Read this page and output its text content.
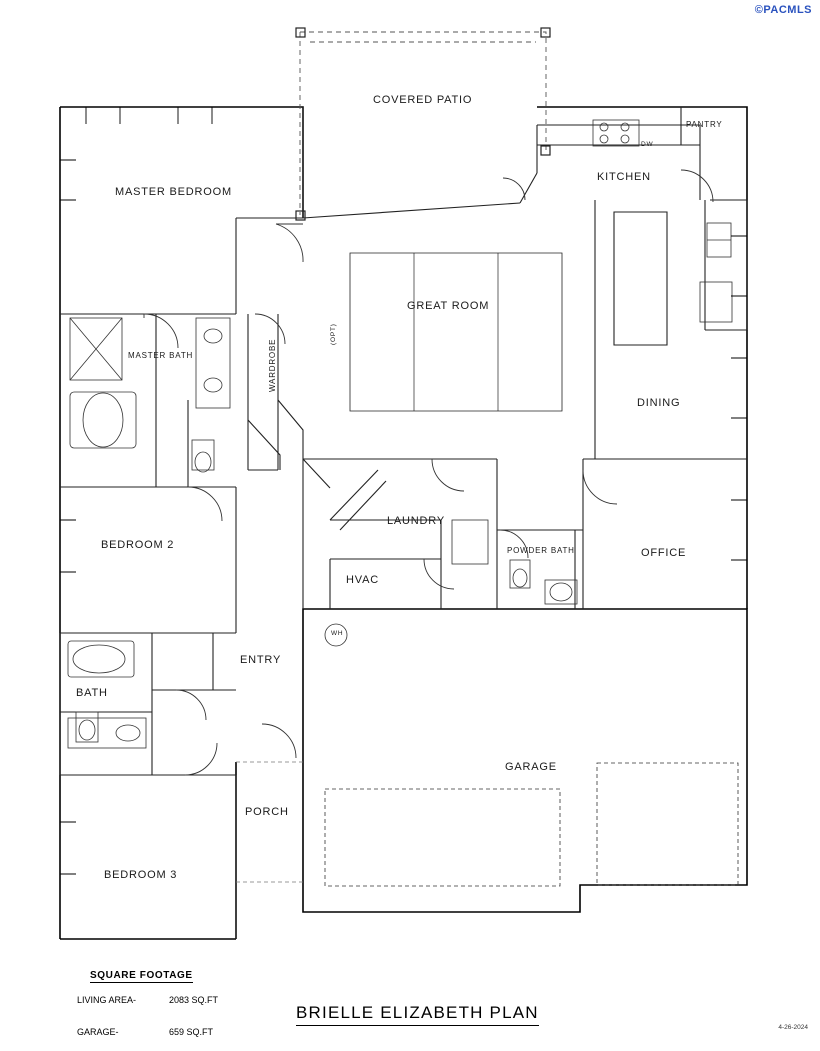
©PACMLS
COVERED PATIO
MASTER BEDROOM
KITCHEN
PANTRY
GREAT ROOM
DINING
MASTER BATH	WARDROBE
(OPT)
BEDROOM 2
LAUNDRY
POWDER BATH	OFFICE
HVAC
ENTRY
BATH
GARAGE
PORCH
BEDROOM 3
WH
DW
SQUARE FOOTAGE

LIVING AREA-	2083 SQ.FT

GARAGE-	659 SQ.FT

BRIELLE ELIZABETH PLAN
4-26-2024
